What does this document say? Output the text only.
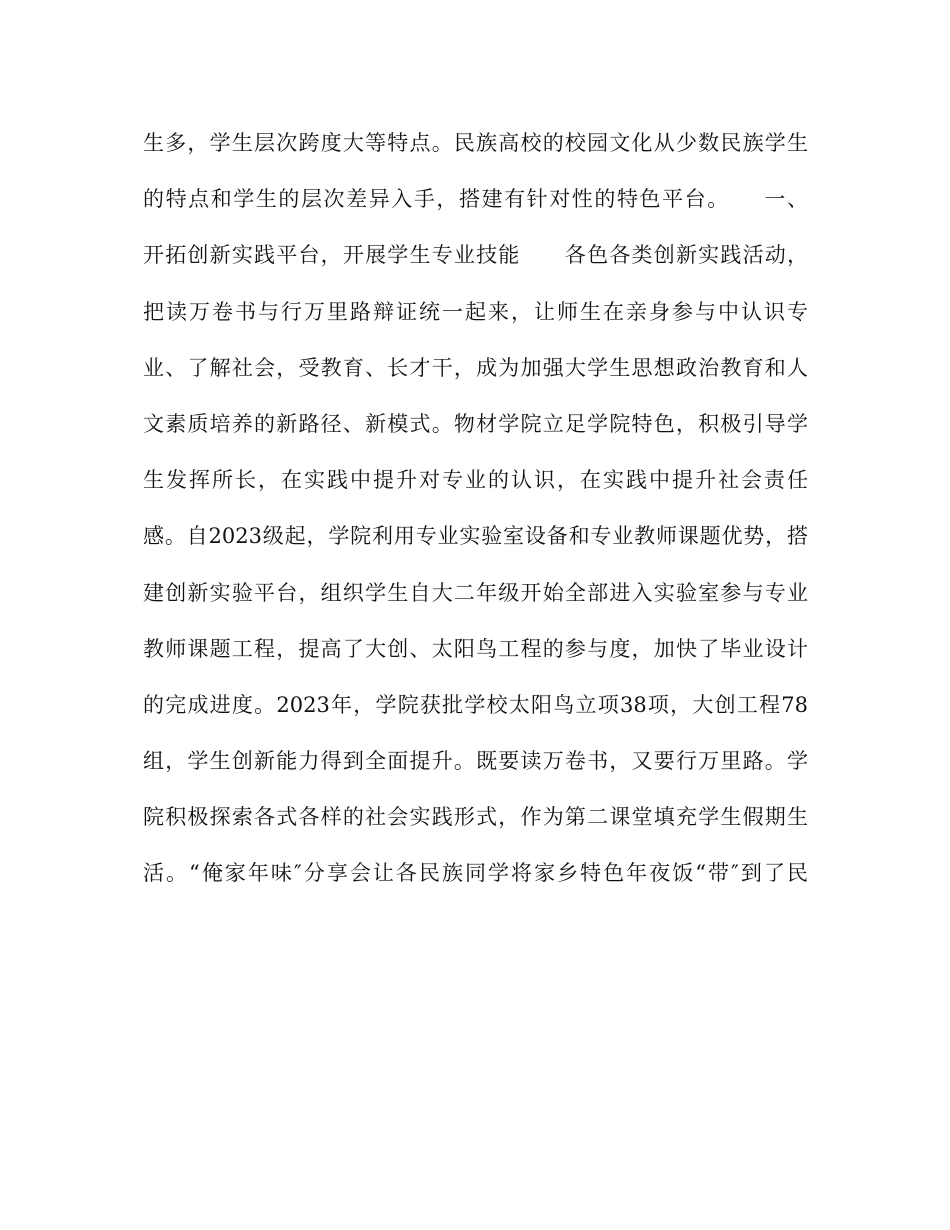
生多，学生层次跨度大等特点。民族高校的校园文化从少数民族学生
的特点和学生的层次差异入手，搭建有针对性的特色平台。　　一、
开拓创新实践平台，开展学生专业技能　　各色各类创新实践活动，
把读万卷书与行万里路辩证统一起来，让师生在亲身参与中认识专
业、了解社会，受教育、长才干，成为加强大学生思想政治教育和人
文素质培养的新路径、新模式。物材学院立足学院特色，积极引导学
生发挥所长，在实践中提升对专业的认识，在实践中提升社会责任
感。自2023级起，学院利用专业实验室设备和专业教师课题优势，搭
建创新实验平台，组织学生自大二年级开始全部进入实验室参与专业
教师课题工程，提高了大创、太阳鸟工程的参与度，加快了毕业设计
的完成进度。2023年，学院获批学校太阳鸟立项38项，大创工程78
组，学生创新能力得到全面提升。既要读万卷书，又要行万里路。学
院积极探索各式各样的社会实践形式，作为第二课堂填充学生假期生
活。“俺家年味″分享会让各民族同学将家乡特色年夜饭“带″到了民
